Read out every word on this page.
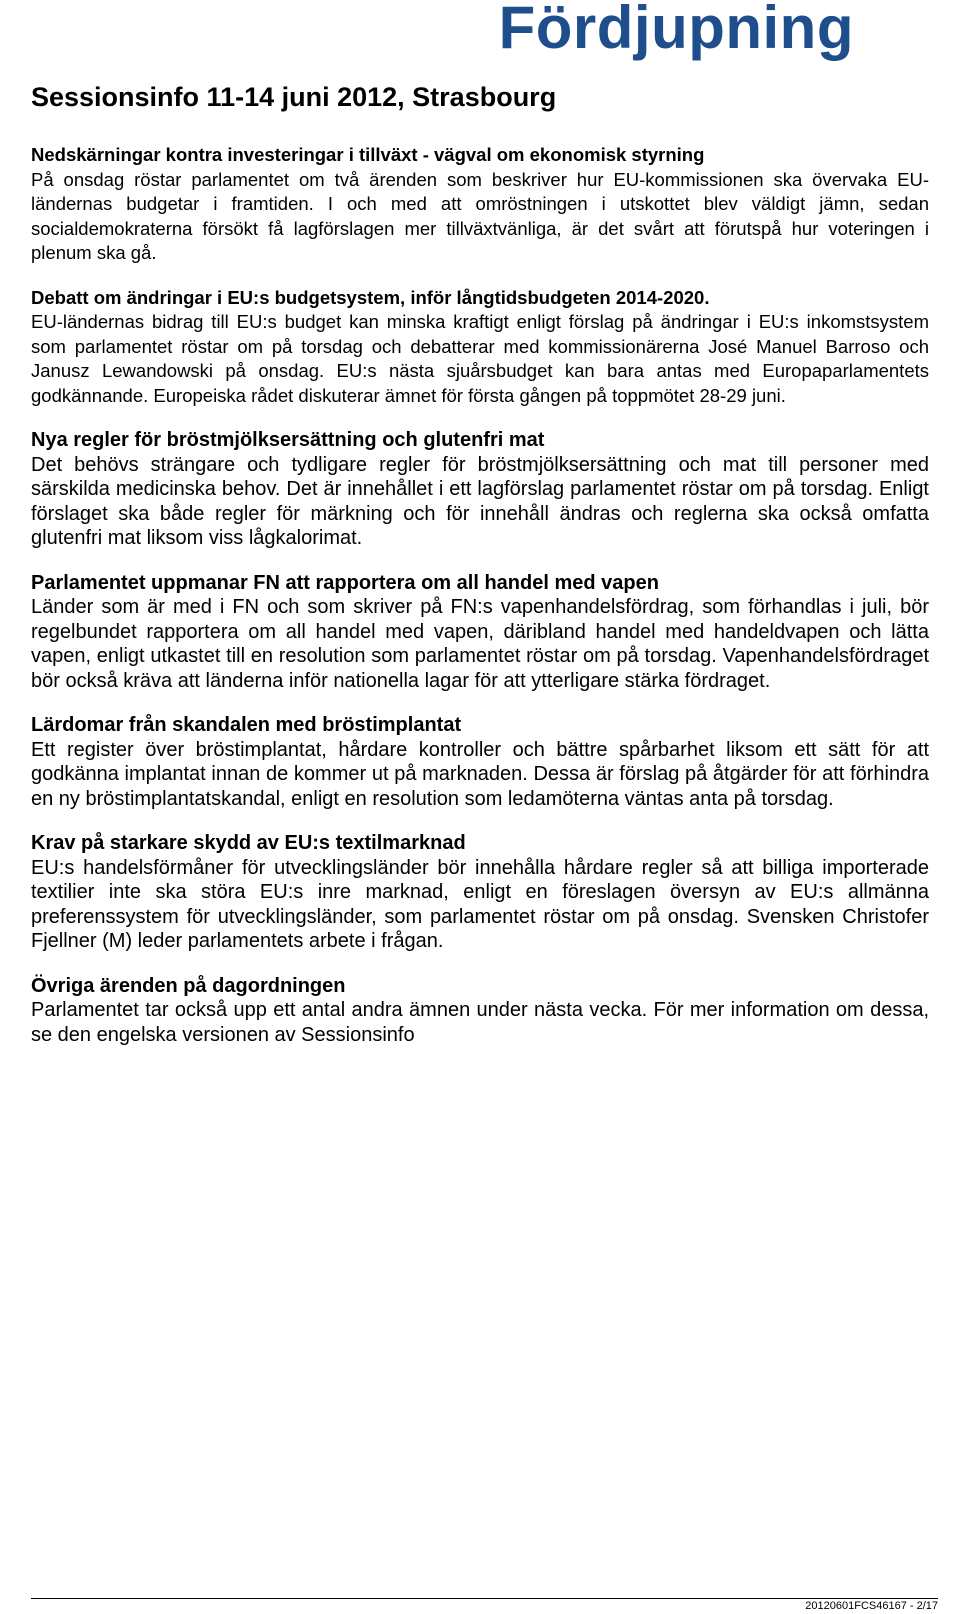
Fördjupning
Sessionsinfo 11-14 juni 2012, Strasbourg
Nedskärningar kontra investeringar i tillväxt - vägval om ekonomisk styrning
På onsdag röstar parlamentet om två ärenden som beskriver hur EU-kommissionen ska övervaka EU-ländernas budgetar i framtiden. I och med att omröstningen i utskottet blev väldigt jämn, sedan socialdemokraterna försökt få lagförslagen mer tillväxtvänliga, är det svårt att förutspå hur voteringen i plenum ska gå.
Debatt om ändringar i EU:s budgetsystem, inför långtidsbudgeten 2014-2020.
EU-ländernas bidrag till EU:s budget kan minska kraftigt enligt förslag på ändringar i EU:s inkomstsystem som parlamentet röstar om på torsdag och debatterar med kommissionärerna José Manuel Barroso och Janusz Lewandowski på onsdag. EU:s nästa sjuårsbudget kan bara antas med Europaparlamentets godkännande. Europeiska rådet diskuterar ämnet för första gången på toppmötet 28-29 juni.
Nya regler för bröstmjölksersättning och glutenfri mat
Det behövs strängare och tydligare regler för bröstmjölksersättning och mat till personer med särskilda medicinska behov. Det är innehållet i ett lagförslag parlamentet röstar om på torsdag. Enligt förslaget ska både regler för märkning och för innehåll ändras och reglerna ska också omfatta glutenfri mat liksom viss lågkalorimat.
Parlamentet uppmanar FN att rapportera om all handel med vapen
Länder som är med i FN och som skriver på FN:s vapenhandelsfördrag, som förhandlas i juli, bör regelbundet rapportera om all handel med vapen, däribland handel med handeldvapen och lätta vapen, enligt utkastet till en resolution som parlamentet röstar om på torsdag. Vapenhandelsfördraget bör också kräva att länderna inför nationella lagar för att ytterligare stärka fördraget.
Lärdomar från skandalen med bröstimplantat
Ett register över bröstimplantat, hårdare kontroller och bättre spårbarhet liksom ett sätt för att godkänna implantat innan de kommer ut på marknaden. Dessa är förslag på åtgärder för att förhindra en ny bröstimplantatskandal, enligt en resolution som ledamöterna väntas anta på torsdag.
Krav på starkare skydd av EU:s textilmarknad
EU:s handelsförmåner för utvecklingsländer bör innehålla hårdare regler så att billiga importerade textilier inte ska störa EU:s inre marknad, enligt en föreslagen översyn av EU:s allmänna preferenssystem för utvecklingsländer, som parlamentet röstar om på onsdag. Svensken Christofer Fjellner (M) leder parlamentets arbete i frågan.
Övriga ärenden på dagordningen
Parlamentet tar också upp ett antal andra ämnen under nästa vecka. För mer information om dessa, se den engelska versionen av Sessionsinfo
20120601FCS46167 - 2/17
